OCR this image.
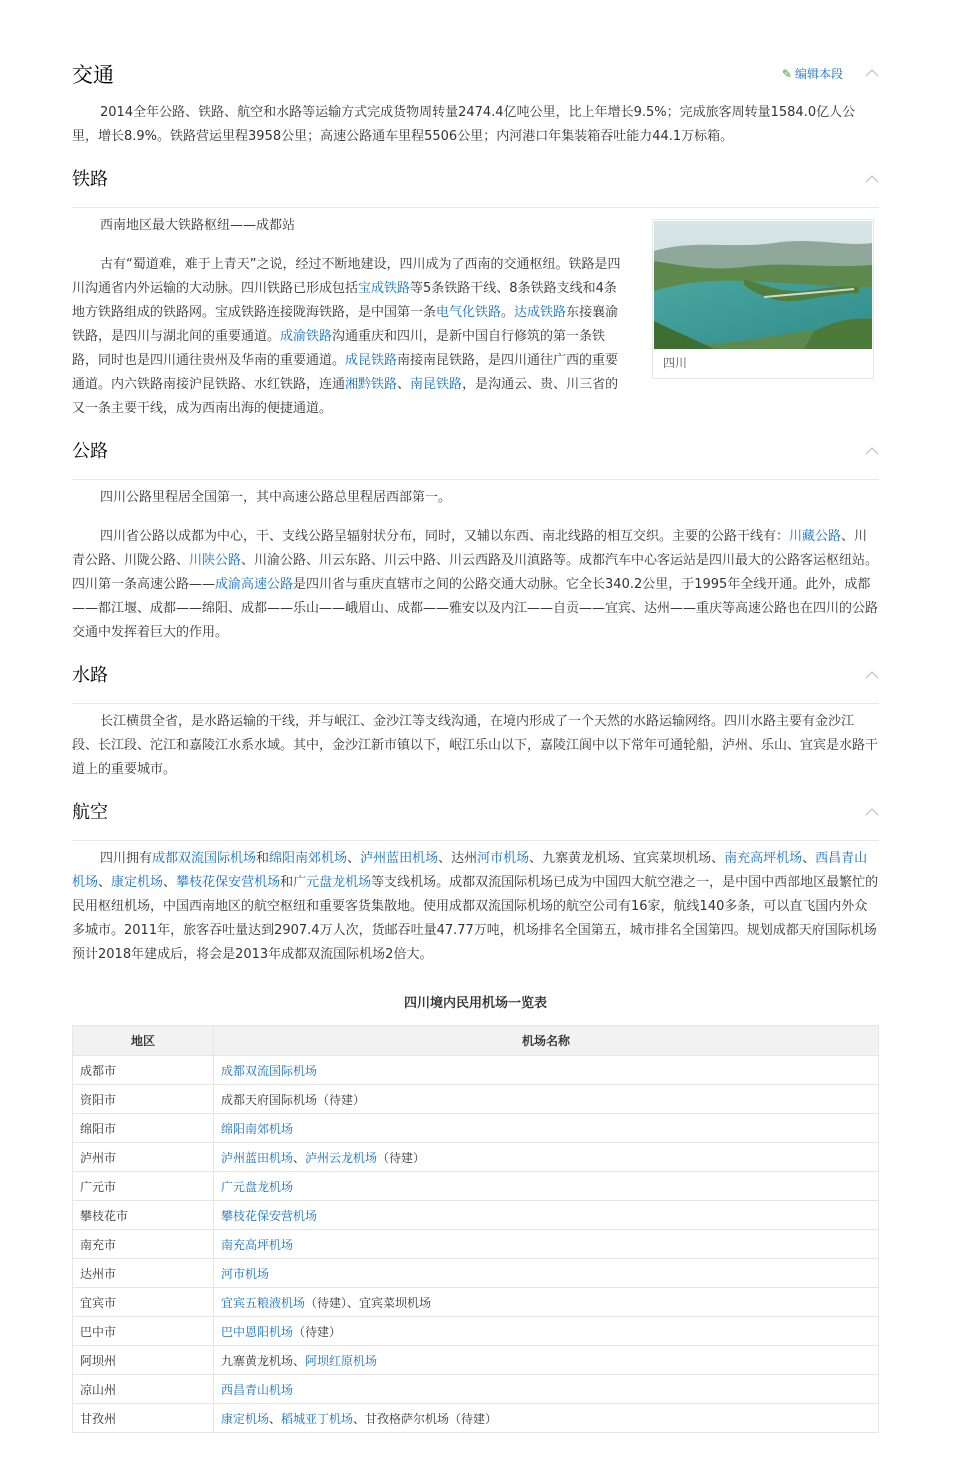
交通	✎ 编辑本段

2014全年公路、铁路、航空和水路等运输方式完成货物周转量2474.4亿吨公里，比上年增长9.5%；完成旅客周转量1584.0亿人公里，增长8.9%。铁路营运里程3958公里；高速公路通车里程5506公里；内河港口年集装箱吞吐能力44.1万标箱。

铁路

西南地区最大铁路枢纽——成都站

古有“蜀道难，难于上青天”之说，经过不断地建设，四川成为了西南的交通枢纽。铁路是四川沟通省内外运输的大动脉。四川铁路已形成包括宝成铁路等5条铁路干线、8条铁路支线和4条地方铁路组成的铁路网。宝成铁路连接陇海铁路，是中国第一条电气化铁路。达成铁路东接襄渝铁路，是四川与湖北间的重要通道。成渝铁路沟通重庆和四川，是新中国自行修筑的第一条铁路，同时也是四川通往贵州及华南的重要通道。成昆铁路南接南昆铁路，是四川通往广西的重要通道。内六铁路南接沪昆铁路、水红铁路，连通湘黔铁路、南昆铁路，是沟通云、贵、川三省的又一条主要干线，成为西南出海的便捷通道。

四川
公路

四川公路里程居全国第一，其中高速公路总里程居西部第一。

四川省公路以成都为中心，干、支线公路呈辐射状分布，同时，又辅以东西、南北线路的相互交织。主要的公路干线有：川藏公路、川青公路、川陇公路、川陕公路、川渝公路、川云东路、川云中路、川云西路及川滇路等。成都汽车中心客运站是四川最大的公路客运枢纽站。四川第一条高速公路——成渝高速公路是四川省与重庆直辖市之间的公路交通大动脉。它全长340.2公里，于1995年全线开通。此外，成都——都江堰、成都——绵阳、成都——乐山——峨眉山、成都——雅安以及内江——自贡——宜宾、达州——重庆等高速公路也在四川的公路交通中发挥着巨大的作用。

水路

长江横贯全省，是水路运输的干线，并与岷江、金沙江等支线沟通，在境内形成了一个天然的水路运输网络。四川水路主要有金沙江段、长江段、沱江和嘉陵江水系水域。其中，金沙江新市镇以下，岷江乐山以下，嘉陵江阆中以下常年可通轮船，泸州、乐山、宜宾是水路干道上的重要城市。

航空

四川拥有成都双流国际机场和绵阳南郊机场、泸州蓝田机场、达州河市机场、九寨黄龙机场、宜宾菜坝机场、南充高坪机场、西昌青山机场、康定机场、攀枝花保安营机场和广元盘龙机场等支线机场。成都双流国际机场已成为中国四大航空港之一，是中国中西部地区最繁忙的民用枢纽机场，中国西南地区的航空枢纽和重要客货集散地。使用成都双流国际机场的航空公司有16家，航线140多条，可以直飞国内外众多城市。2011年，旅客吞吐量达到2907.4万人次，货邮吞吐量47.77万吨，机场排名全国第五，城市排名全国第四。规划成都天府国际机场预计2018年建成后，将会是2013年成都双流国际机场2倍大。

四川境内民用机场一览表
地区	机场名称
成都市	成都双流国际机场
资阳市	成都天府国际机场（待建）
绵阳市	绵阳南郊机场
泸州市	泸州蓝田机场、泸州云龙机场（待建）
广元市	广元盘龙机场
攀枝花市	攀枝花保安营机场
南充市	南充高坪机场
达州市	河市机场
宜宾市	宜宾五粮液机场（待建）、宜宾菜坝机场
巴中市	巴中恩阳机场（待建）
阿坝州	九寨黄龙机场、阿坝红原机场
凉山州	西昌青山机场
甘孜州	康定机场、稻城亚丁机场、甘孜格萨尔机场（待建）
